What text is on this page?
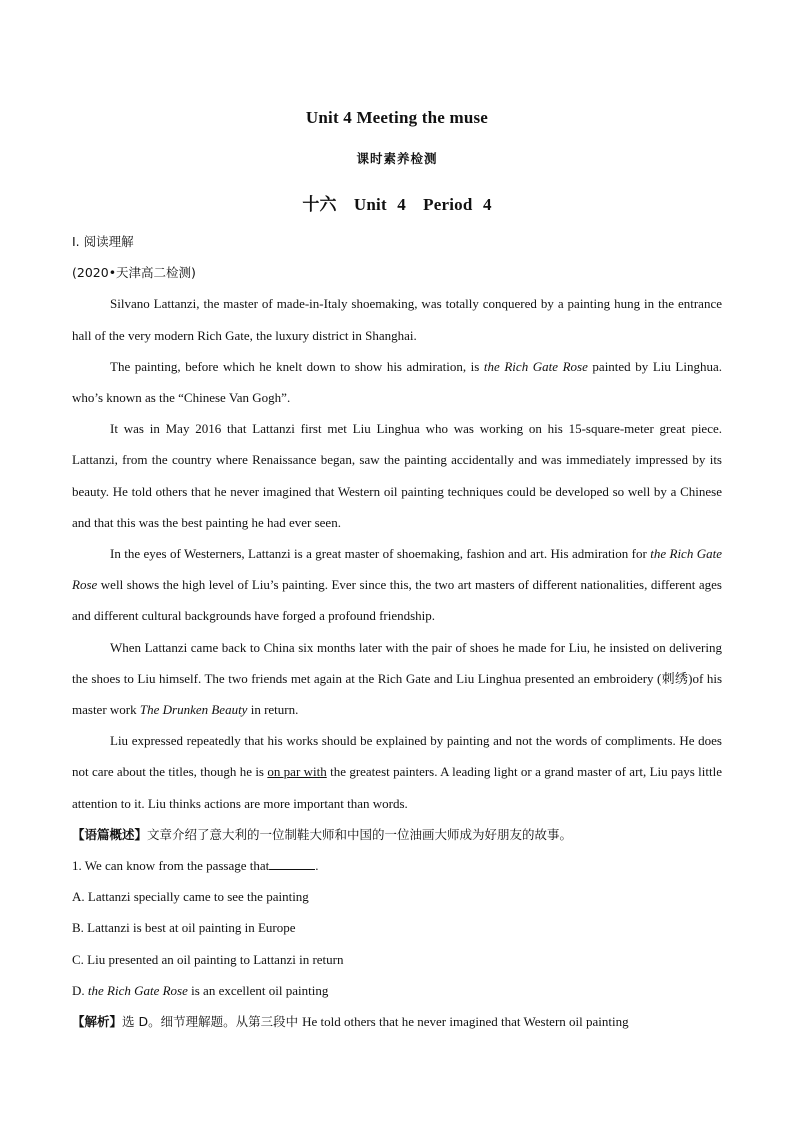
Unit 4 Meeting the muse
课时素养检测
十六　Unit 4　Period 4

Ⅰ. 阅读理解

(2020•天津高二检测)

Silvano Lattanzi, the master of made-in-Italy shoemaking, was totally conquered by a painting hung in the entrance hall of the very modern Rich Gate, the luxury district in Shanghai.

The painting, before which he knelt down to show his admiration, is the Rich Gate Rose painted by Liu Linghua. who’s known as the “Chinese Van Gogh”.

It was in May 2016 that Lattanzi first met Liu Linghua who was working on his 15-square-meter great piece. Lattanzi, from the country where Renaissance began, saw the painting accidentally and was immediately impressed by its beauty. He told others that he never imagined that Western oil painting techniques could be developed so well by a Chinese and that this was the best painting he had ever seen.

In the eyes of Westerners, Lattanzi is a great master of shoemaking, fashion and art. His admiration for the Rich Gate Rose well shows the high level of Liu’s painting. Ever since this, the two art masters of different nationalities, different ages and different cultural backgrounds have forged a profound friendship.

When Lattanzi came back to China six months later with the pair of shoes he made for Liu, he insisted on delivering the shoes to Liu himself. The two friends met again at the Rich Gate and Liu Linghua presented an embroidery (刺绣)of his master work The Drunken Beauty in return.

Liu expressed repeatedly that his works should be explained by painting and not the words of compliments. He does not care about the titles, though he is on par with the greatest painters. A leading light or a grand master of art, Liu pays little attention to it. Liu thinks actions are more important than words.

【语篇概述】文章介绍了意大利的一位制鞋大师和中国的一位油画大师成为好朋友的故事。

1. We can know from the passage that	.

A. Lattanzi specially came to see the painting

B. Lattanzi is best at oil painting in Europe

C. Liu presented an oil painting to Lattanzi in return

D. the Rich Gate Rose is an excellent oil painting

【解析】选 D。细节理解题。从第三段中 He told others that he never imagined that Western oil painting
